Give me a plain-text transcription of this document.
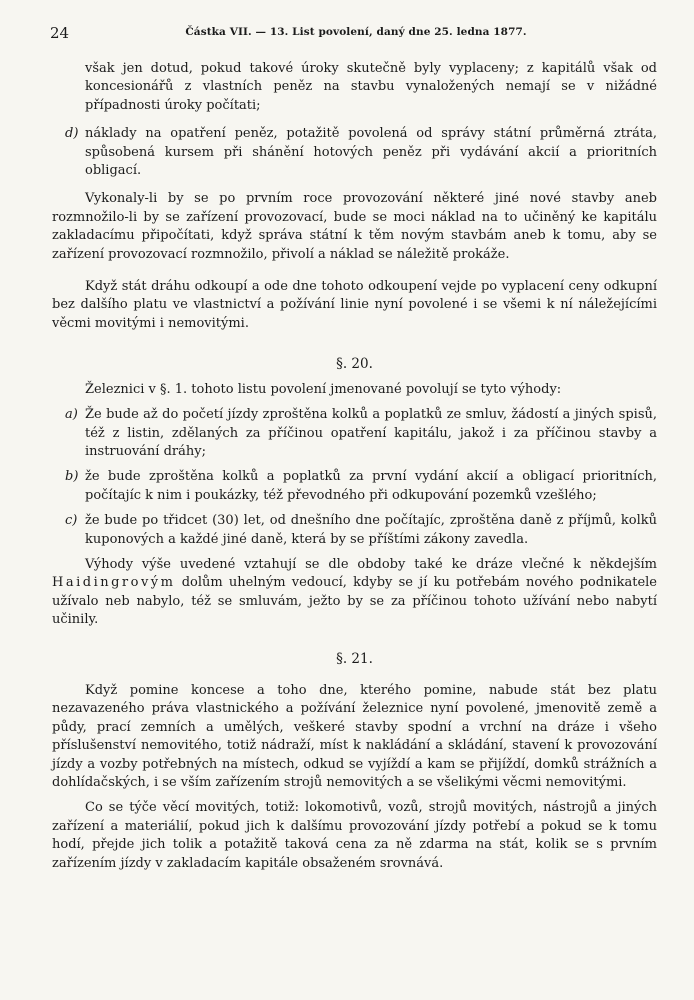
24	Částka VII. — 13. List povolení, daný dne 25. ledna 1877.
však jen dotud, pokud takové úroky skutečně byly vyplaceny; z kapitálů však od koncesionářů z vlastních peněz na stavbu vynaložených nemají se v nižádné případnosti úroky počítati;
d) náklady na opatření peněz, potažitě povolená od správy státní průměrná ztráta, spůsobená kursem při shánění hotových peněz při vydávání akcií a prioritních obligací.
Vykonaly-li by se po prvním roce provozování některé jiné nové stavby aneb rozmnožilo-li by se zařízení provozovací, bude se moci náklad na to učiněný ke kapitálu zakladacímu připočítati, když správa státní k těm novým stavbám aneb k tomu, aby se zařízení provozovací rozmnožilo, přivolí a náklad se náležitě prokáže.
Když stát dráhu odkoupí a ode dne tohoto odkoupení vejde po vyplacení ceny odkupní bez dalšího platu ve vlastnictví a požívání linie nyní povolené i se všemi k ní náležejícími věcmi movitými i nemovitými.
§. 20.
Železnici v §. 1. tohoto listu povolení jmenované povolují se tyto výhody:
a) Že bude až do početí jízdy zproštěna kolků a poplatků ze smluv, žádostí a jiných spisů, též z listin, zdělaných za příčinou opatření kapitálu, jakož i za příčinou stavby a instruování dráhy;
b) že bude zproštěna kolků a poplatků za první vydání akcií a obligací prioritních, počítajíc k nim i poukázky, též převodného při odkupování pozemků vzešlého;
c) že bude po třidcet (30) let, od dnešního dne počítajíc, zproštěna daně z příjmů, kolků kuponových a každé jiné daně, která by se příštími zákony zavedla.
Výhody výše uvedené vztahují se dle obdoby také ke dráze vlečné k někdejším Haidingrovým dolům uhelným vedoucí, kdyby se jí ku potřebám nového podnikatele užívalo neb nabylo, též se smluvám, ježto by se za příčinou tohoto užívání nebo nabytí učinily.
§. 21.
Když pomine koncese a toho dne, kterého pomine, nabude stát bez platu nezavazeného práva vlastnického a požívání železnice nyní povolené, jmenovitě země a půdy, prací zemních a umělých, veškeré stavby spodní a vrchní na dráze i všeho příslušenství nemovitého, totiž nádraží, míst k nakládání a skládání, stavení k provozování jízdy a vozby potřebných na místech, odkud se vyjíždí a kam se přijíždí, domků strážních a dohlídačských, i se vším zařízením strojů nemovitých a se všelikými věcmi nemovitými.
Co se týče věcí movitých, totiž: lokomotivů, vozů, strojů movitých, nástrojů a jiných zařízení a materiálií, pokud jich k dalšímu provozování jízdy potřebí a pokud se k tomu hodí, přejde jich tolik a potažitě taková cena za ně zdarma na stát, kolik se s prvním zařízením jízdy v zakladacím kapitále obsaženém srovnává.
